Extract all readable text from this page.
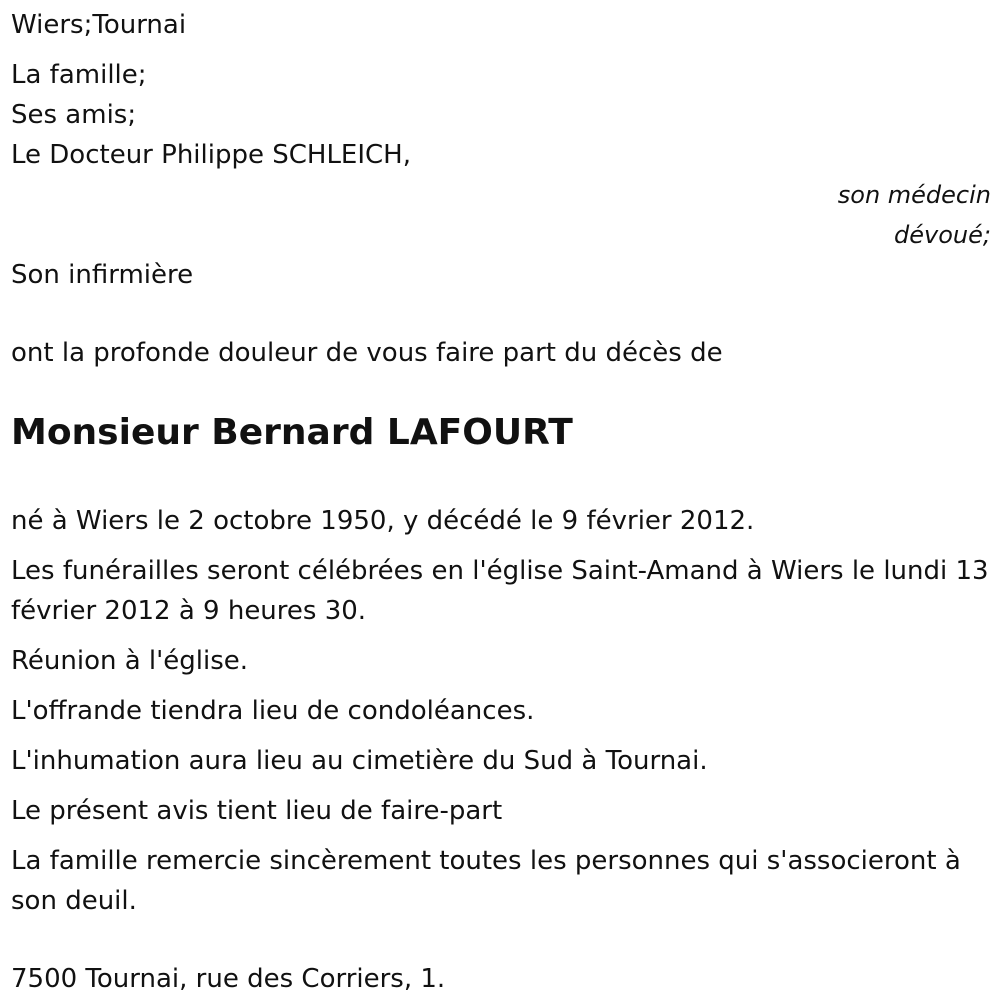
Wiers;Tournai
La famille;
Ses amis;
Le Docteur Philippe SCHLEICH,
son médecin
dévoué;
Son infirmière
ont la profonde douleur de vous faire part du décès de
Monsieur Bernard LAFOURT
né à Wiers le 2 octobre 1950, y décédé le 9 février 2012.
Les funérailles seront célébrées en l'église Saint-Amand à Wiers le lundi 13 février 2012 à 9 heures 30.
Réunion à l'église.
L'offrande tiendra lieu de condoléances.
L'inhumation aura lieu au cimetière du Sud à Tournai.
Le présent avis tient lieu de faire-part
La famille remercie sincèrement toutes les personnes qui s'associeront à son deuil.
7500 Tournai, rue des Corriers, 1.
